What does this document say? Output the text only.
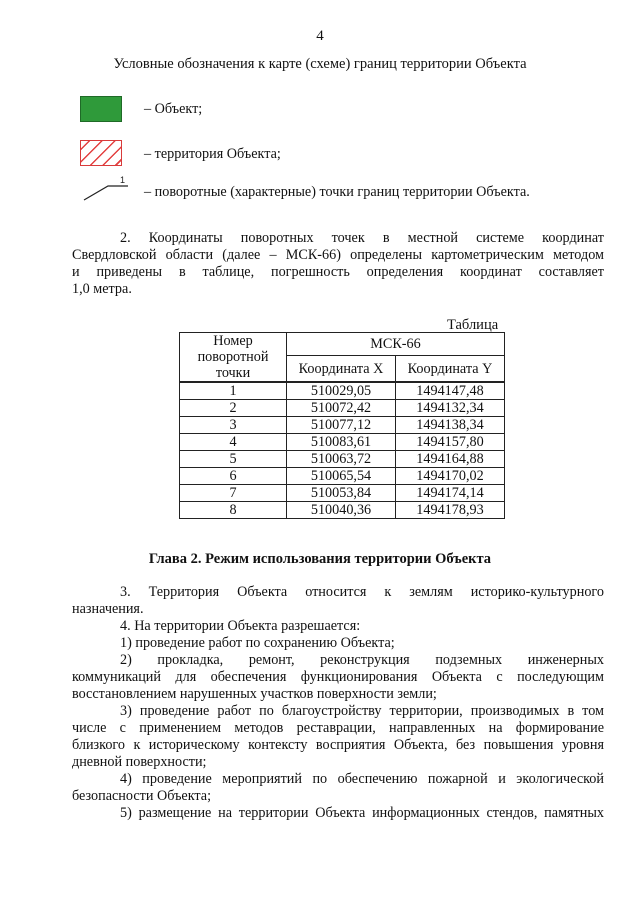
4
Условные обозначения к карте (схеме) границ территории Объекта
– Объект;
– территория Объекта;
1
– поворотные (характерные) точки границ территории Объекта.
2. Координаты поворотных точек в местной системе координат
Свердловской области (далее – МСК-66) определены картометрическим методом
и приведены в таблице, погрешность определения координат составляет
1,0 метра.
Таблица
Номер поворотной точки	МСК-66	
	Координата X	Координата Y
1	510029,05	1494147,48
2	510072,42	1494132,34
3	510077,12	1494138,34
4	510083,61	1494157,80
5	510063,72	1494164,88
6	510065,54	1494170,02
7	510053,84	1494174,14
8	510040,36	1494178,93
Глава 2. Режим использования территории Объекта
3. Территория Объекта относится к землям историко-культурного
назначения.
4. На территории Объекта разрешается:
1) проведение работ по сохранению Объекта;
2) прокладка, ремонт, реконструкция подземных инженерных
коммуникаций для обеспечения функционирования Объекта с последующим
восстановлением нарушенных участков поверхности земли;
3) проведение работ по благоустройству территории, производимых в том
числе с применением методов реставрации, направленных на формирование
близкого к историческому контексту восприятия Объекта, без повышения уровня
дневной поверхности;
4) проведение мероприятий по обеспечению пожарной и экологической
безопасности Объекта;
5) размещение на территории Объекта информационных стендов, памятных
